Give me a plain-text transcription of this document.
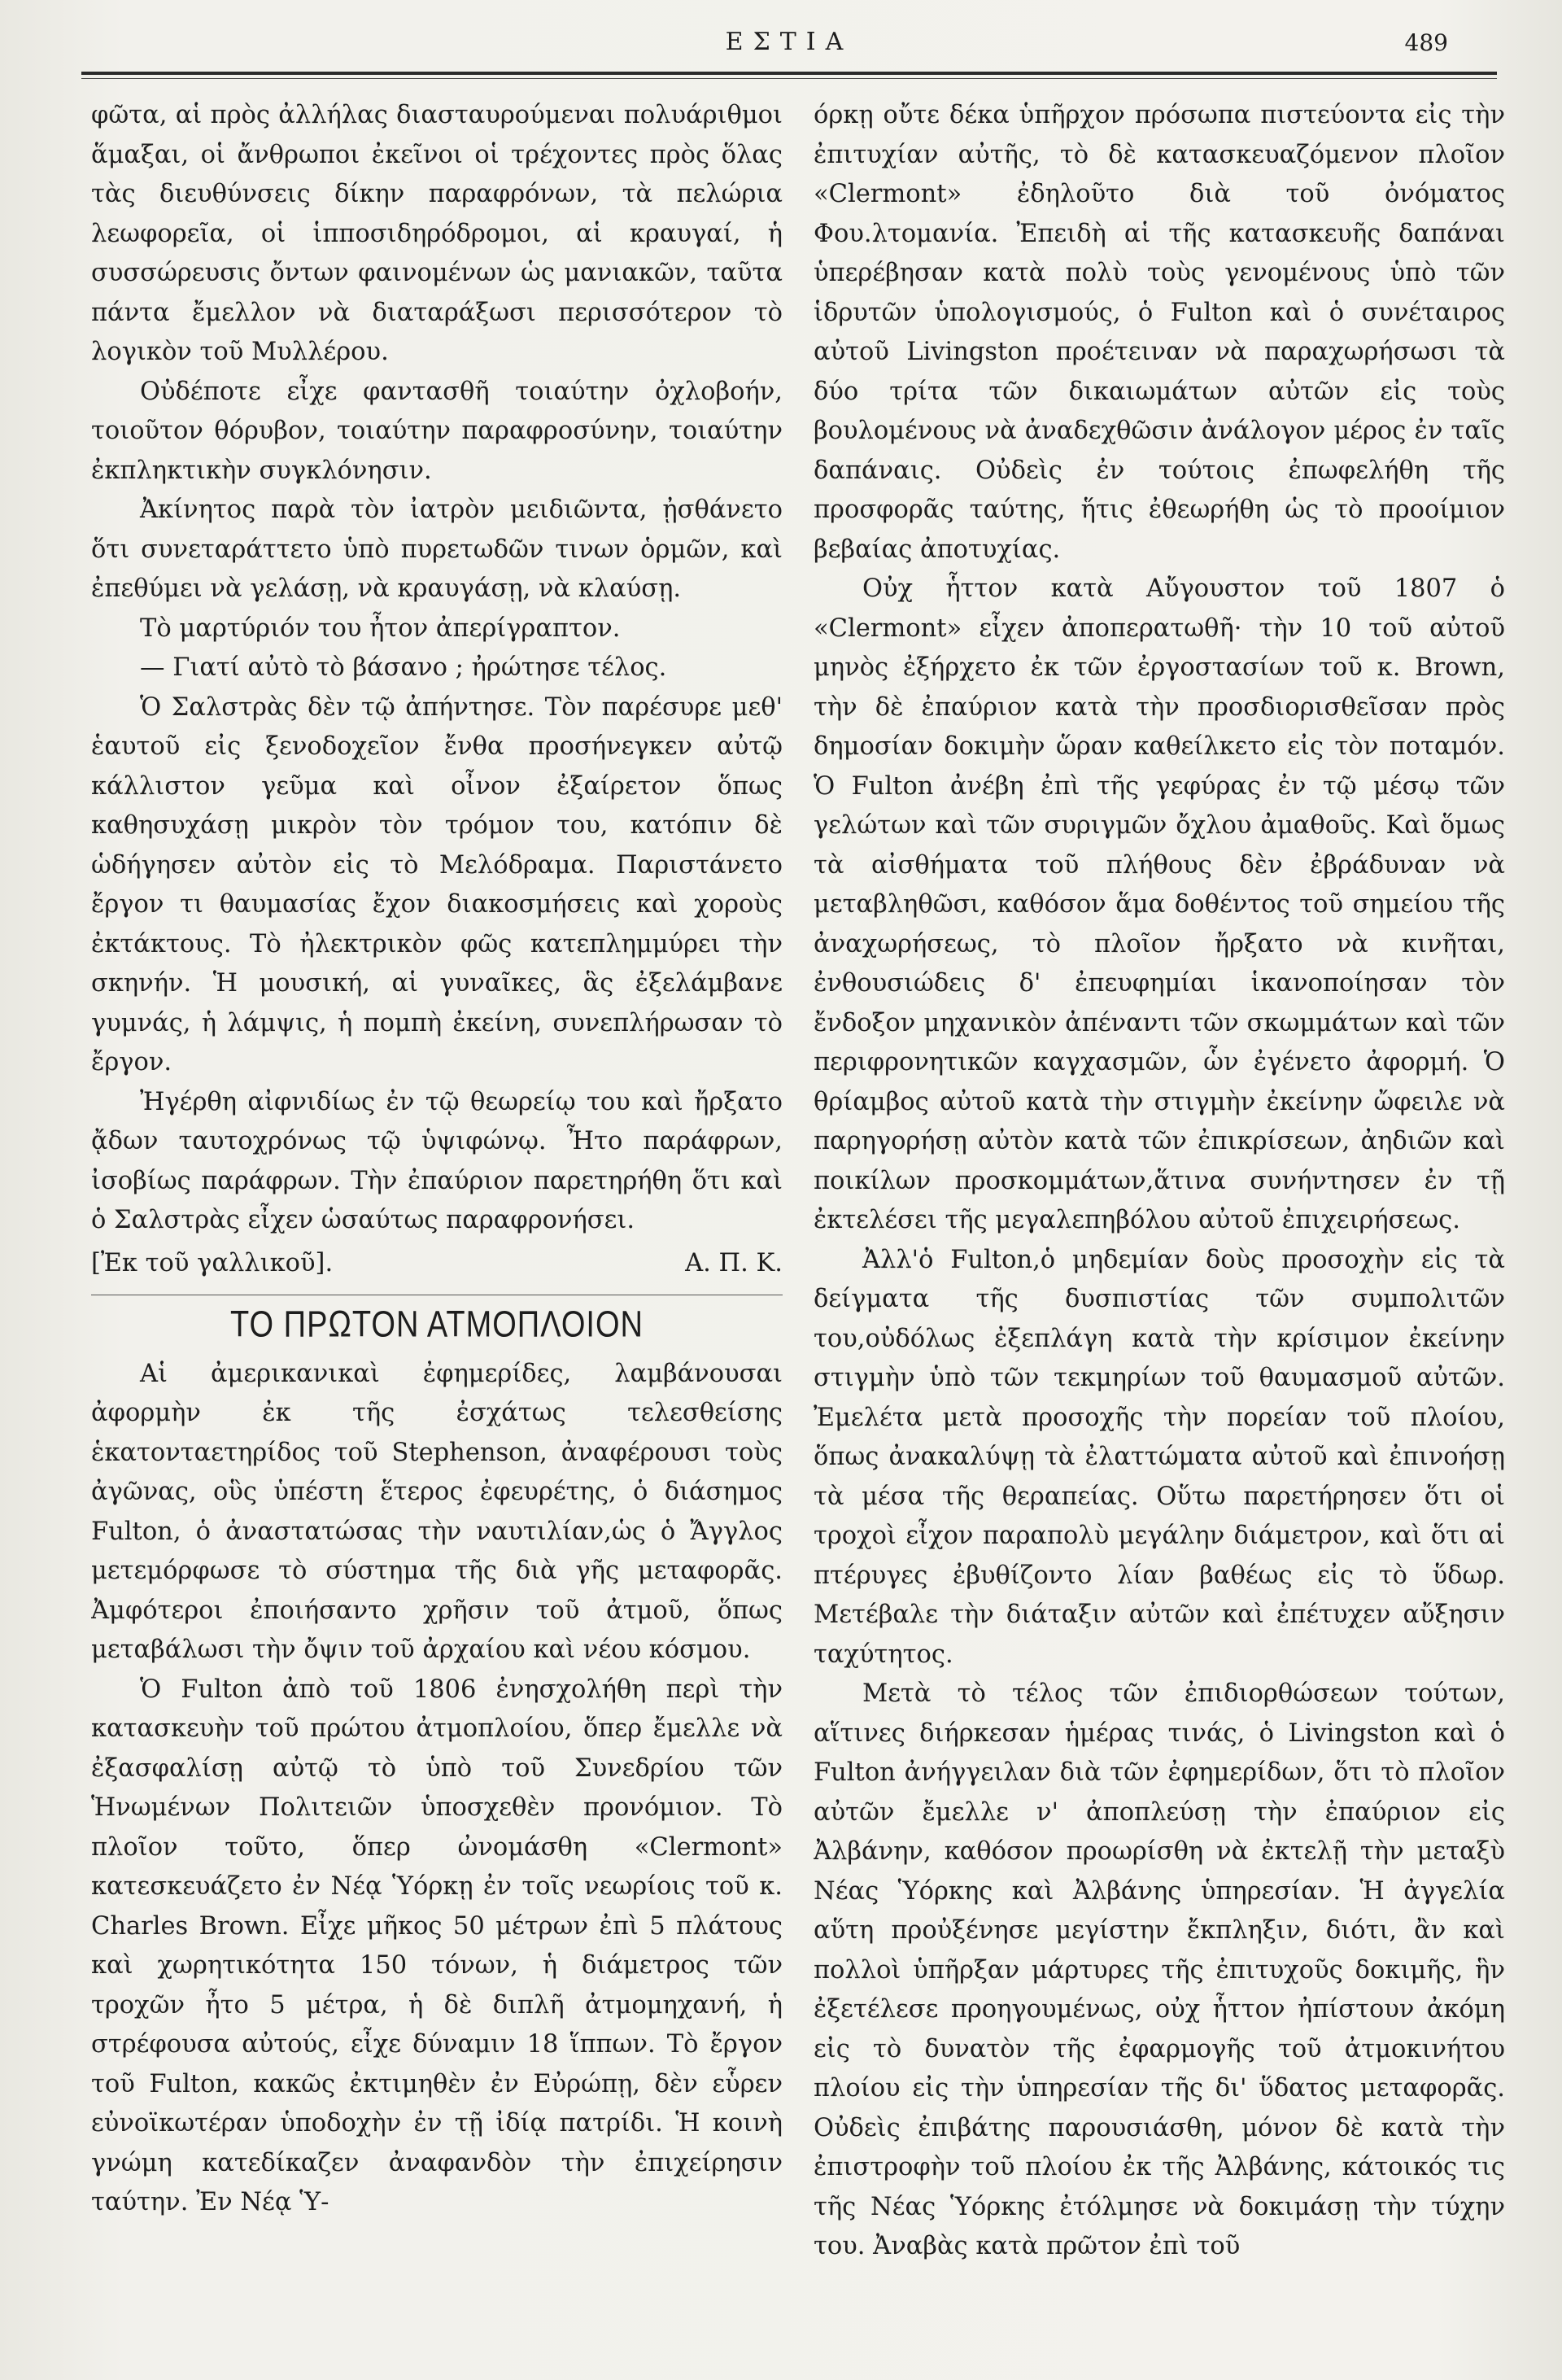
ΕΣΤΙΑ	489

φῶτα, αἱ πρὸς ἀλλήλας διασταυρούμεναι πολυάριθμοι ἅμαξαι, οἱ ἄνθρωποι ἐκεῖνοι οἱ τρέχοντες πρὸς ὅλας τὰς διευθύνσεις δίκην παραφρόνων, τὰ πελώρια λεωφορεῖα, οἱ ἱπποσιδηρόδρομοι, αἱ κραυγαί, ἡ συσσώρευσις ὄντων φαινομένων ὡς μανιακῶν, ταῦτα πάντα ἔμελλον νὰ διαταράξωσι περισσότερον τὸ λογικὸν τοῦ Μυλλέρου.

Οὐδέποτε εἶχε φαντασθῆ τοιαύτην ὀχλοβοήν, τοιοῦτον θόρυβον, τοιαύτην παραφροσύνην, τοιαύτην ἐκπληκτικὴν συγκλόνησιν.

Ἀκίνητος παρὰ τὸν ἰατρὸν μειδιῶντα, ᾐσθάνετο ὅτι συνεταράττετο ὑπὸ πυρετωδῶν τινων ὁρμῶν, καὶ ἐπεθύμει νὰ γελάσῃ, νὰ κραυγάσῃ, νὰ κλαύσῃ.

Τὸ μαρτύριόν του ἦτον ἀπερίγραπτον.

— Γιατί αὐτὸ τὸ βάσανο ; ἠρώτησε τέλος.

Ὁ Σαλστρὰς δὲν τῷ ἀπήντησε. Τὸν παρέσυρε μεθ' ἑαυτοῦ εἰς ξενοδοχεῖον ἔνθα προσήνεγκεν αὐτῷ κάλλιστον γεῦμα καὶ οἶνον ἐξαίρετον ὅπως καθησυχάσῃ μικρὸν τὸν τρόμον του, κατόπιν δὲ ὡδήγησεν αὐτὸν εἰς τὸ Μελόδραμα. Παριστάνετο ἔργον τι θαυμασίας ἔχον διακοσμήσεις καὶ χοροὺς ἐκτάκτους. Τὸ ἠλεκτρικὸν φῶς κατεπλημμύρει τὴν σκηνήν. Ἡ μουσική, αἱ γυναῖκες, ἃς ἐξελάμβανε γυμνάς, ἡ λάμψις, ἡ πομπὴ ἐκείνη, συνεπλήρωσαν τὸ ἔργον.

Ἠγέρθη αἰφνιδίως ἐν τῷ θεωρείῳ του καὶ ἤρξατο ᾄδων ταυτοχρόνως τῷ ὑψιφώνῳ. Ἦτο παράφρων, ἰσοβίως παράφρων. Τὴν ἐπαύριον παρετηρήθη ὅτι καὶ ὁ Σαλστρὰς εἶχεν ὡσαύτως παραφρονήσει.

[Ἐκ τοῦ γαλλικοῦ].	Α. Π. Κ.
ΤΟ ΠΡΩΤΟΝ ΑΤΜΟΠΛΟΙΟΝ

Αἱ ἀμερικανικαὶ ἐφημερίδες, λαμβάνουσαι ἀφορμὴν ἐκ τῆς ἐσχάτως τελεσθείσης ἑκατονταετηρίδος τοῦ Stephenson, ἀναφέρουσι τοὺς ἀγῶνας, οὓς ὑπέστη ἕτερος ἐφευρέτης, ὁ διάσημος Fulton, ὁ ἀναστατώσας τὴν ναυτιλίαν,ὡς ὁ Ἄγγλος μετεμόρφωσε τὸ σύστημα τῆς διὰ γῆς μεταφορᾶς. Ἀμφότεροι ἐποιήσαντο χρῆσιν τοῦ ἀτμοῦ, ὅπως μεταβάλωσι τὴν ὄψιν τοῦ ἀρχαίου καὶ νέου κόσμου.

Ὁ Fulton ἀπὸ τοῦ 1806 ἐνησχολήθη περὶ τὴν κατασκευὴν τοῦ πρώτου ἀτμοπλοίου, ὅπερ ἔμελλε νὰ ἐξασφαλίσῃ αὐτῷ τὸ ὑπὸ τοῦ Συνεδρίου τῶν Ἡνωμένων Πολιτειῶν ὑποσχεθὲν προνόμιον. Τὸ πλοῖον τοῦτο, ὅπερ ὠνομάσθη «Clermont» κατεσκευάζετο ἐν Νέᾳ Ὑόρκῃ ἐν τοῖς νεωρίοις τοῦ κ. Charles Brown. Εἶχε μῆκος 50 μέτρων ἐπὶ 5 πλάτους καὶ χωρητικότητα 150 τόνων, ἡ διάμετρος τῶν τροχῶν ἦτο 5 μέτρα, ἡ δὲ διπλῆ ἀτμομηχανή, ἡ στρέφουσα αὐτούς, εἶχε δύναμιν 18 ἵππων. Τὸ ἔργον τοῦ Fulton, κακῶς ἐκτιμηθὲν ἐν Εὐρώπῃ, δὲν εὗρεν εὐνοϊκωτέραν ὑποδοχὴν ἐν τῇ ἰδίᾳ πατρίδι. Ἡ κοινὴ γνώμη κατεδίκαζεν ἀναφανδὸν τὴν ἐπιχείρησιν ταύτην. Ἐν Νέᾳ Ὑ-

όρκῃ οὔτε δέκα ὑπῆρχον πρόσωπα πιστεύοντα εἰς τὴν ἐπιτυχίαν αὐτῆς, τὸ δὲ κατασκευαζόμενον πλοῖον «Clermont» ἐδηλοῦτο διὰ τοῦ ὀνόματος Φου.λτομανία. Ἐπειδὴ αἱ τῆς κατασκευῆς δαπάναι ὑπερέβησαν κατὰ πολὺ τοὺς γενομένους ὑπὸ τῶν ἱδρυτῶν ὑπολογισμούς, ὁ Fulton καὶ ὁ συνέταιρος αὐτοῦ Livingston προέτειναν νὰ παραχωρήσωσι τὰ δύο τρίτα τῶν δικαιωμάτων αὐτῶν εἰς τοὺς βουλομένους νὰ ἀναδεχθῶσιν ἀνάλογον μέρος ἐν ταῖς δαπάναις. Οὐδεὶς ἐν τούτοις ἐπωφελήθη τῆς προσφορᾶς ταύτης, ἥτις ἐθεωρήθη ὡς τὸ προοίμιον βεβαίας ἀποτυχίας.

Οὐχ ἧττον κατὰ Αὔγουστον τοῦ 1807 ὁ «Clermont» εἶχεν ἀποπερατωθῆ· τὴν 10 τοῦ αὐτοῦ μηνὸς ἐξήρχετο ἐκ τῶν ἐργοστασίων τοῦ κ. Brown, τὴν δὲ ἐπαύριον κατὰ τὴν προσδιορισθεῖσαν πρὸς δημοσίαν δοκιμὴν ὥραν καθείλκετο εἰς τὸν ποταμόν. Ὁ Fulton ἀνέβη ἐπὶ τῆς γεφύρας ἐν τῷ μέσῳ τῶν γελώτων καὶ τῶν συριγμῶν ὄχλου ἀμαθοῦς. Καὶ ὅμως τὰ αἰσθήματα τοῦ πλήθους δὲν ἐβράδυναν νὰ μεταβληθῶσι, καθόσον ἅμα δοθέντος τοῦ σημείου τῆς ἀναχωρήσεως, τὸ πλοῖον ἤρξατο νὰ κινῆται, ἐνθουσιώδεις δ' ἐπευφημίαι ἱκανοποίησαν τὸν ἔνδοξον μηχανικὸν ἀπέναντι τῶν σκωμμάτων καὶ τῶν περιφρονητικῶν καγχασμῶν, ὧν ἐγένετο ἀφορμή. Ὁ θρίαμβος αὐτοῦ κατὰ τὴν στιγμὴν ἐκείνην ὤφειλε νὰ παρηγορήσῃ αὐτὸν κατὰ τῶν ἐπικρίσεων, ἀηδιῶν καὶ ποικίλων προσκομμάτων,ἅτινα συνήντησεν ἐν τῇ ἐκτελέσει τῆς μεγαλεπηβόλου αὐτοῦ ἐπιχειρήσεως.

Ἀλλ'ὁ Fulton,ὁ μηδεμίαν δοὺς προσοχὴν εἰς τὰ δείγματα τῆς δυσπιστίας τῶν συμπολιτῶν του,οὐδόλως ἐξεπλάγη κατὰ τὴν κρίσιμον ἐκείνην στιγμὴν ὑπὸ τῶν τεκμηρίων τοῦ θαυμασμοῦ αὐτῶν. Ἐμελέτα μετὰ προσοχῆς τὴν πορείαν τοῦ πλοίου, ὅπως ἀνακαλύψῃ τὰ ἐλαττώματα αὐτοῦ καὶ ἐπινοήσῃ τὰ μέσα τῆς θεραπείας. Οὕτω παρετήρησεν ὅτι οἱ τροχοὶ εἶχον παραπολὺ μεγάλην διάμετρον, καὶ ὅτι αἱ πτέρυγες ἐβυθίζοντο λίαν βαθέως εἰς τὸ ὕδωρ. Μετέβαλε τὴν διάταξιν αὐτῶν καὶ ἐπέτυχεν αὔξησιν ταχύτητος.

Μετὰ τὸ τέλος τῶν ἐπιδιορθώσεων τούτων, αἵτινες διήρκεσαν ἡμέρας τινάς, ὁ Livingston καὶ ὁ Fulton ἀνήγγειλαν διὰ τῶν ἐφημερίδων, ὅτι τὸ πλοῖον αὐτῶν ἔμελλε ν' ἀποπλεύσῃ τὴν ἐπαύριον εἰς Ἀλβάνην, καθόσον προωρίσθη νὰ ἐκτελῇ τὴν μεταξὺ Νέας Ὑόρκης καὶ Ἀλβάνης ὑπηρεσίαν. Ἡ ἀγγελία αὕτη προὐξένησε μεγίστην ἔκπληξιν, διότι, ἂν καὶ πολλοὶ ὑπῆρξαν μάρτυρες τῆς ἐπιτυχοῦς δοκιμῆς, ἣν ἐξετέλεσε προηγουμένως, οὐχ ἧττον ἠπίστουν ἀκόμη εἰς τὸ δυνατὸν τῆς ἐφαρμογῆς τοῦ ἀτμοκινήτου πλοίου εἰς τὴν ὑπηρεσίαν τῆς δι' ὕδατος μεταφορᾶς. Οὐδεὶς ἐπιβάτης παρουσιάσθη, μόνον δὲ κατὰ τὴν ἐπιστροφὴν τοῦ πλοίου ἐκ τῆς Ἀλβάνης, κάτοικός τις τῆς Νέας Ὑόρκης ἐτόλμησε νὰ δοκιμάσῃ τὴν τύχην του. Ἀναβὰς κατὰ πρῶτον ἐπὶ τοῦ
